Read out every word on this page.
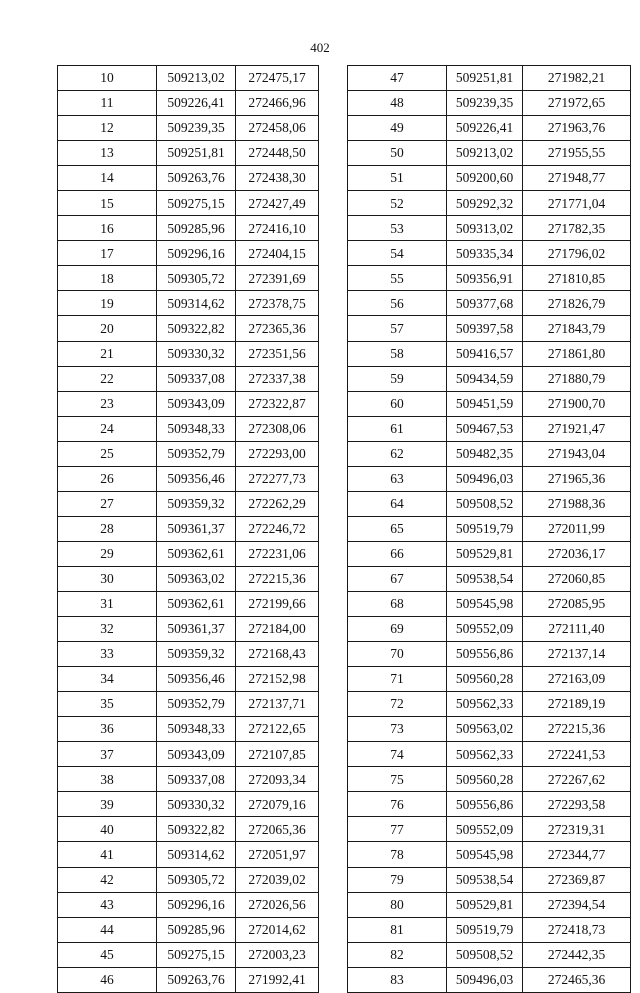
402
10	509213,02	272475,17
11	509226,41	272466,96
12	509239,35	272458,06
13	509251,81	272448,50
14	509263,76	272438,30
15	509275,15	272427,49
16	509285,96	272416,10
17	509296,16	272404,15
18	509305,72	272391,69
19	509314,62	272378,75
20	509322,82	272365,36
21	509330,32	272351,56
22	509337,08	272337,38
23	509343,09	272322,87
24	509348,33	272308,06
25	509352,79	272293,00
26	509356,46	272277,73
27	509359,32	272262,29
28	509361,37	272246,72
29	509362,61	272231,06
30	509363,02	272215,36
31	509362,61	272199,66
32	509361,37	272184,00
33	509359,32	272168,43
34	509356,46	272152,98
35	509352,79	272137,71
36	509348,33	272122,65
37	509343,09	272107,85
38	509337,08	272093,34
39	509330,32	272079,16
40	509322,82	272065,36
41	509314,62	272051,97
42	509305,72	272039,02
43	509296,16	272026,56
44	509285,96	272014,62
45	509275,15	272003,23
46	509263,76	271992,41
47	509251,81	271982,21
48	509239,35	271972,65
49	509226,41	271963,76
50	509213,02	271955,55
51	509200,60	271948,77
52	509292,32	271771,04
53	509313,02	271782,35
54	509335,34	271796,02
55	509356,91	271810,85
56	509377,68	271826,79
57	509397,58	271843,79
58	509416,57	271861,80
59	509434,59	271880,79
60	509451,59	271900,70
61	509467,53	271921,47
62	509482,35	271943,04
63	509496,03	271965,36
64	509508,52	271988,36
65	509519,79	272011,99
66	509529,81	272036,17
67	509538,54	272060,85
68	509545,98	272085,95
69	509552,09	272111,40
70	509556,86	272137,14
71	509560,28	272163,09
72	509562,33	272189,19
73	509563,02	272215,36
74	509562,33	272241,53
75	509560,28	272267,62
76	509556,86	272293,58
77	509552,09	272319,31
78	509545,98	272344,77
79	509538,54	272369,87
80	509529,81	272394,54
81	509519,79	272418,73
82	509508,52	272442,35
83	509496,03	272465,36
